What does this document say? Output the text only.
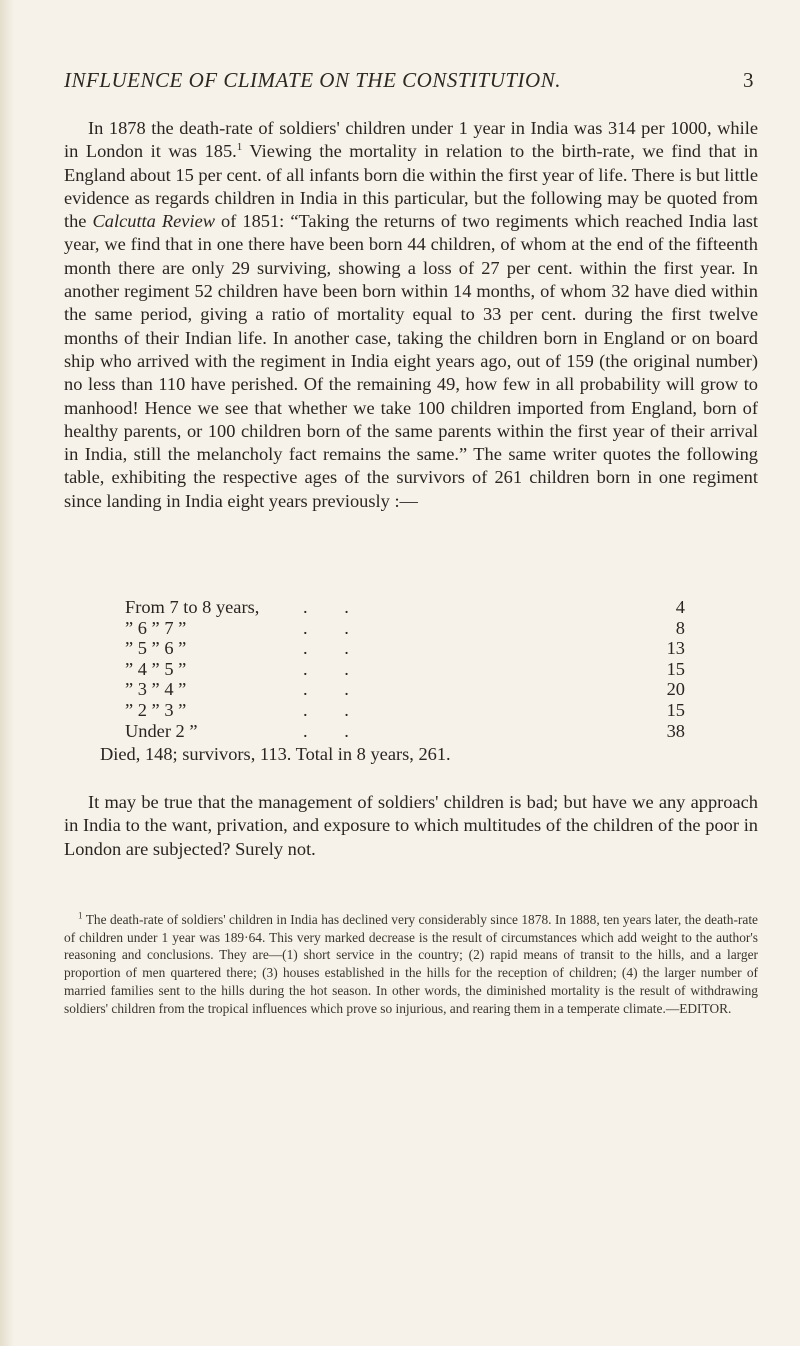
INFLUENCE OF CLIMATE ON THE CONSTITUTION.	3

In 1878 the death-rate of soldiers' children under 1 year in India was 314 per 1000, while in London it was 185.$^1$ Viewing the mortality in relation to the birth-rate, we find that in England about 15 per cent. of all infants born die within the first year of life. There is but little evidence as regards children in India in this particular, but the following may be quoted from the Calcutta Review of 1851: “Taking the returns of two regiments which reached India last year, we find that in one there have been born 44 children, of whom at the end of the fifteenth month there are only 29 surviving, showing a loss of 27 per cent. within the first year. In another regiment 52 children have been born within 14 months, of whom 32 have died within the same period, giving a ratio of mortality equal to 33 per cent. during the first twelve months of their Indian life. In another case, taking the children born in England or on board ship who arrived with the regiment in India eight years ago, out of 159 (the original number) no less than 110 have perished. Of the remaining 49, how few in all probability will grow to manhood! Hence we see that whether we take 100 children imported from England, born of healthy parents, or 100 children born of the same parents within the first year of their arrival in India, still the melancholy fact remains the same.” The same writer quotes the following table, exhibiting the respective ages of the survivors of 261 children born in one regiment since landing in India eight years previously :—

From 7 to 8 years,	. .	4
” 6 ” 7 ”	. .	8
” 5 ” 6 ”	. .	13
” 4 ” 5 ”	. .	15
” 3 ” 4 ”	. .	20
” 2 ” 3 ”	. .	15
Under 2 ”	. .	38
Died, 148; survivors, 113. Total in 8 years, 261.

It may be true that the management of soldiers' children is bad; but have we any approach in India to the want, privation, and exposure to which multitudes of the children of the poor in London are subjected? Surely not.

$^1$ The death-rate of soldiers' children in India has declined very considerably since 1878. In 1888, ten years later, the death-rate of children under 1 year was 189·64. This very marked decrease is the result of circumstances which add weight to the author's reasoning and conclusions. They are—(1) short service in the country; (2) rapid means of transit to the hills, and a larger proportion of men quartered there; (3) houses established in the hills for the reception of children; (4) the larger number of married families sent to the hills during the hot season. In other words, the diminished mortality is the result of withdrawing soldiers' children from the tropical influences which prove so injurious, and rearing them in a temperate climate.—EDITOR.
